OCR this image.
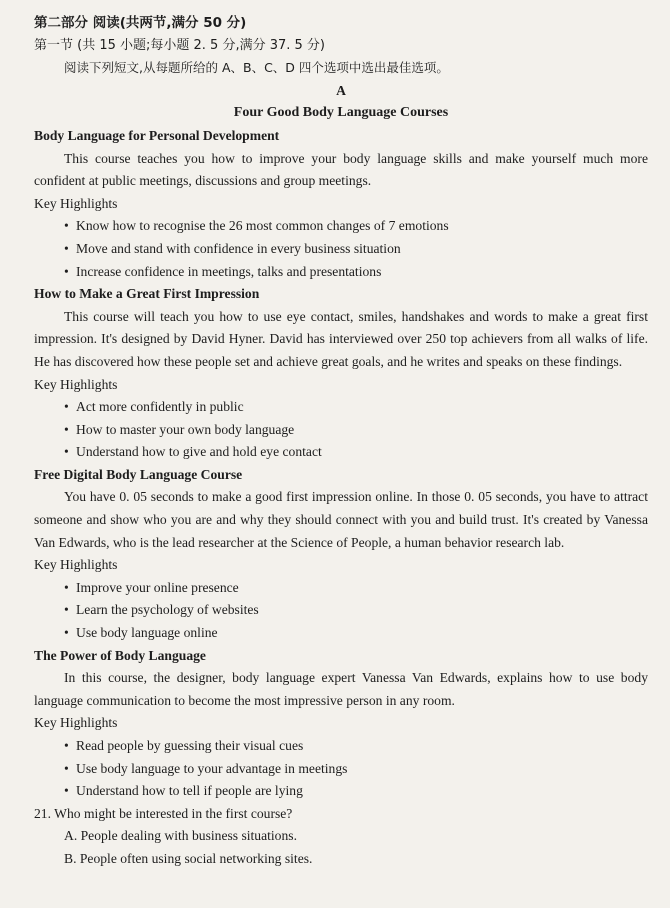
第二部分 阅读(共两节,满分 50 分)
第一节 (共 15 小题;每小题 2. 5 分,满分 37. 5 分)
阅读下列短文,从每题所给的 A、B、C、D 四个选项中选出最佳选项。
A
Four Good Body Language Courses
Body Language for Personal Development
This course teaches you how to improve your body language skills and make yourself much more confident at public meetings, discussions and group meetings.
Key Highlights
• Know how to recognise the 26 most common changes of 7 emotions
• Move and stand with confidence in every business situation
• Increase confidence in meetings, talks and presentations
How to Make a Great First Impression
This course will teach you how to use eye contact, smiles, handshakes and words to make a great first impression. It's designed by David Hyner. David has interviewed over 250 top achievers from all walks of life. He has discovered how these people set and achieve great goals, and he writes and speaks on these findings.
Key Highlights
• Act more confidently in public
• How to master your own body language
• Understand how to give and hold eye contact
Free Digital Body Language Course
You have 0. 05 seconds to make a good first impression online. In those 0. 05 seconds, you have to attract someone and show who you are and why they should connect with you and build trust. It's created by Vanessa Van Edwards, who is the lead researcher at the Science of People, a human behavior research lab.
Key Highlights
• Improve your online presence
• Learn the psychology of websites
• Use body language online
The Power of Body Language
In this course, the designer, body language expert Vanessa Van Edwards, explains how to use body language communication to become the most impressive person in any room.
Key Highlights
• Read people by guessing their visual cues
• Use body language to your advantage in meetings
• Understand how to tell if people are lying
21. Who might be interested in the first course?
A. People dealing with business situations.
B. People often using social networking sites.
